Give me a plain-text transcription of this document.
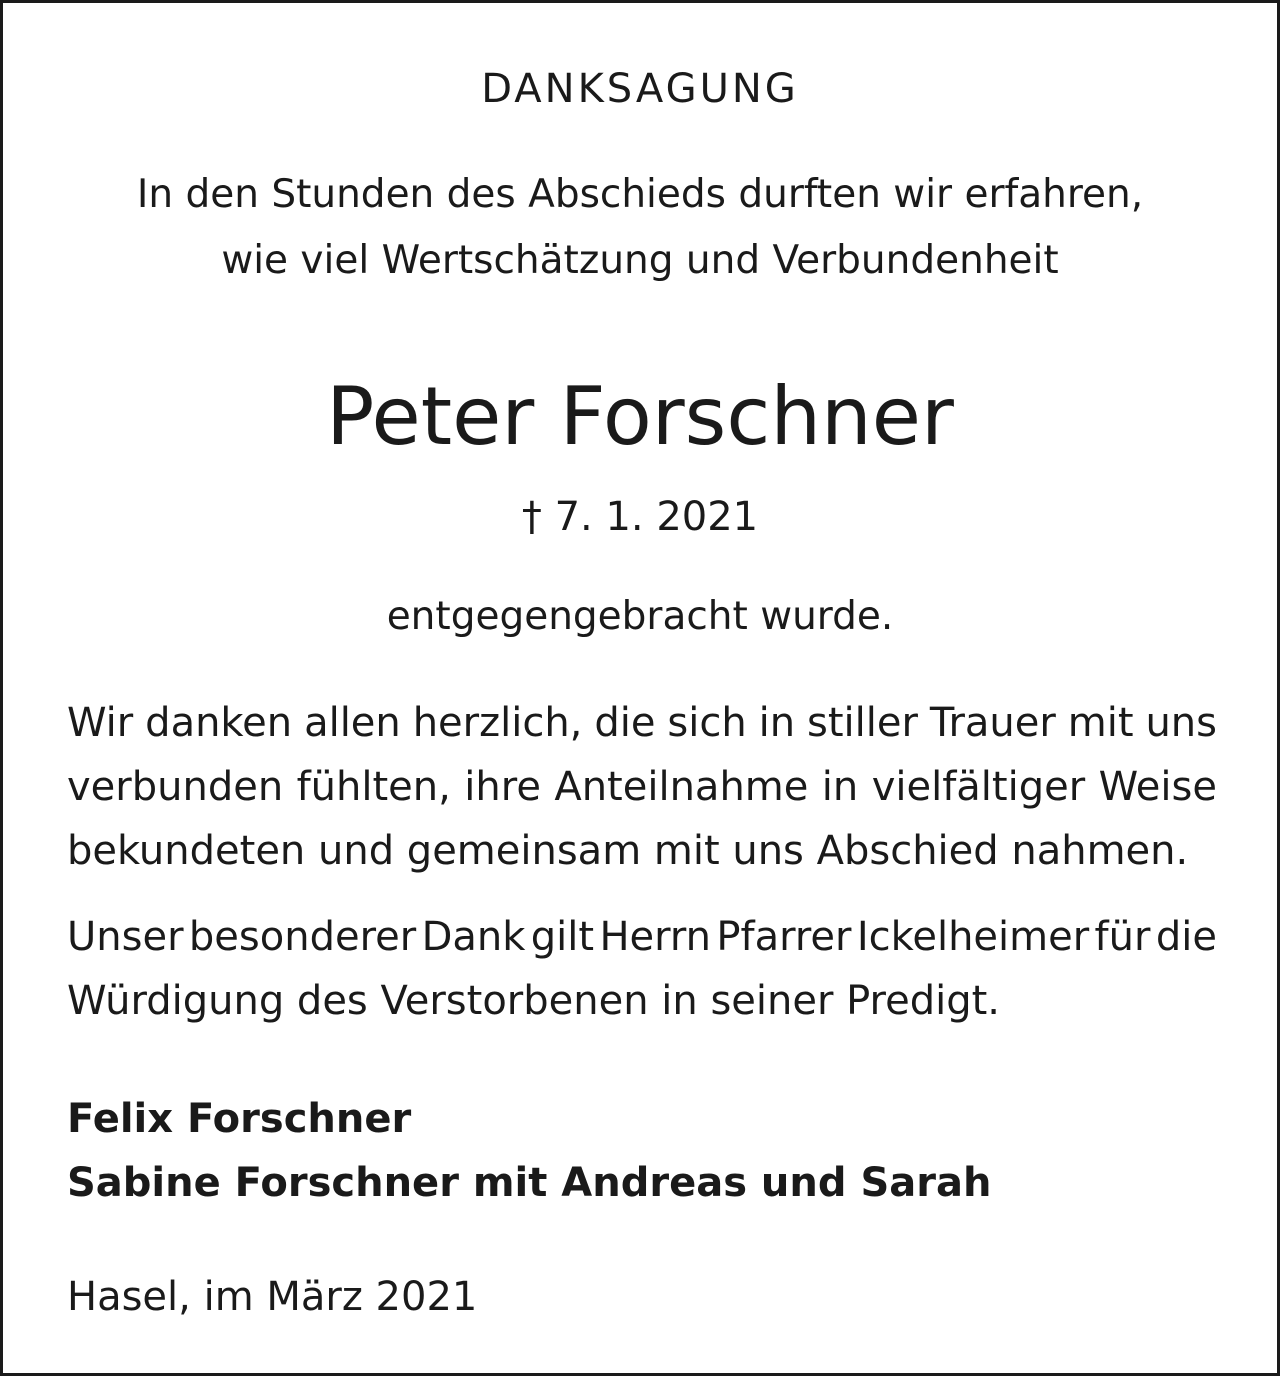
DANKSAGUNG

In den Stunden des Abschieds durften wir erfahren,

wie viel Wertschätzung und Verbundenheit

Peter Forschner

† 7. 1. 2021

entgegengebracht wurde.

Wir danken allen herzlich, die sich in stiller Trauer mit uns
verbunden fühlten, ihre Anteilnahme in vielfältiger Weise

bekundeten und gemeinsam mit uns Abschied nahmen.

Unser besonderer Dank gilt Herrn Pfarrer Ickelheimer für die

Würdigung des Verstorbenen in seiner Predigt.

Felix Forschner

Sabine Forschner mit Andreas und Sarah

Hasel, im März 2021
